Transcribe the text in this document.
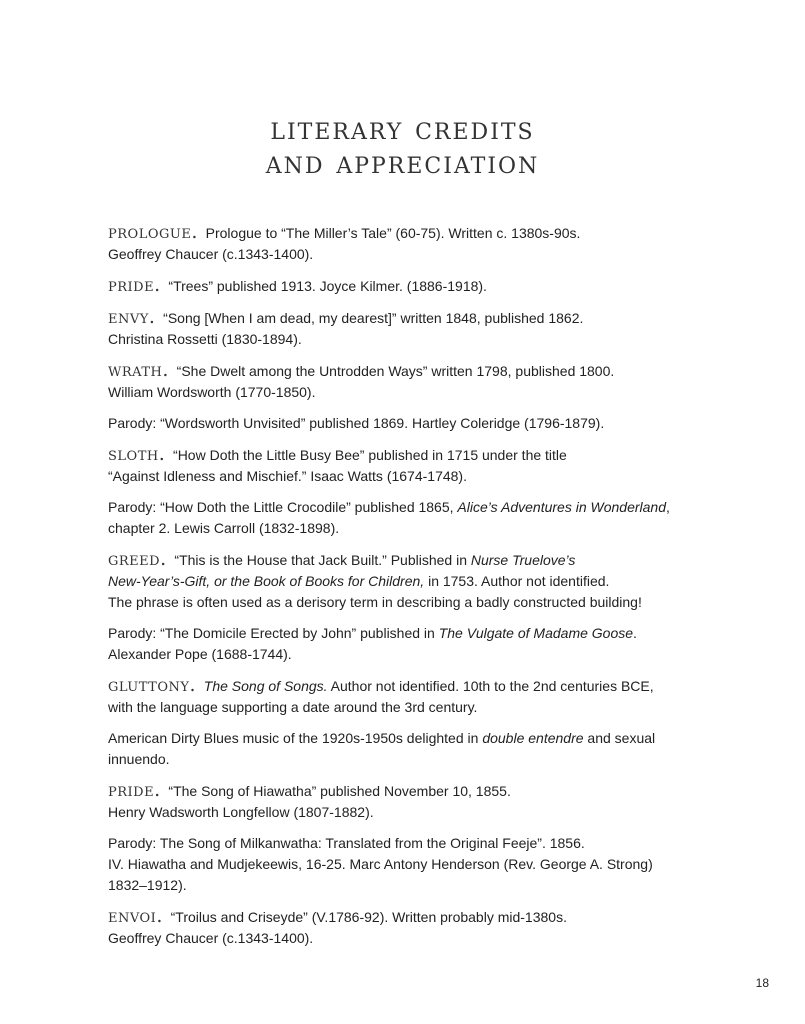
literary credits
and appreciation

prologue. Prologue to “The Miller’s Tale” (60-75). Written c. 1380s-90s.

Geoffrey Chaucer (c.1343-1400).

pride. “Trees” published 1913. Joyce Kilmer. (1886-1918).

envy. “Song [When I am dead, my dearest]” written 1848, published 1862.

Christina Rossetti (1830-1894).

wrath. “She Dwelt among the Untrodden Ways” written 1798, published 1800.

William Wordsworth (1770-1850).

Parody: “Wordsworth Unvisited” published 1869. Hartley Coleridge (1796-1879).

sloth. “How Doth the Little Busy Bee” published in 1715 under the title

“Against Idleness and Mischief.” Isaac Watts (1674-1748).

Parody: “How Doth the Little Crocodile” published 1865, Alice’s Adventures in Wonderland,

chapter 2. Lewis Carroll (1832-1898).

greed. “This is the House that Jack Built.” Published in Nurse Truelove’s

New-Year’s-Gift, or the Book of Books for Children, in 1753. Author not identified.

The phrase is often used as a derisory term in describing a badly constructed building!

Parody: “The Domicile Erected by John” published in The Vulgate of Madame Goose.

Alexander Pope (1688-1744).

gluttony. The Song of Songs. Author not identified. 10th to the 2nd centuries BCE,

with the language supporting a date around the 3rd century.

American Dirty Blues music of the 1920s-1950s delighted in double entendre and sexual innuendo.

pride. “The Song of Hiawatha” published November 10, 1855.

Henry Wadsworth Longfellow (1807-1882).

Parody: The Song of Milkanwatha: Translated from the Original Feeje”. 1856.

IV. Hiawatha and Mudjekeewis, 16-25. Marc Antony Henderson (Rev. George A. Strong)

1832–1912).

envoi. “Troilus and Criseyde” (V.1786-92). Written probably mid-1380s.

Geoffrey Chaucer (c.1343-1400).

18
